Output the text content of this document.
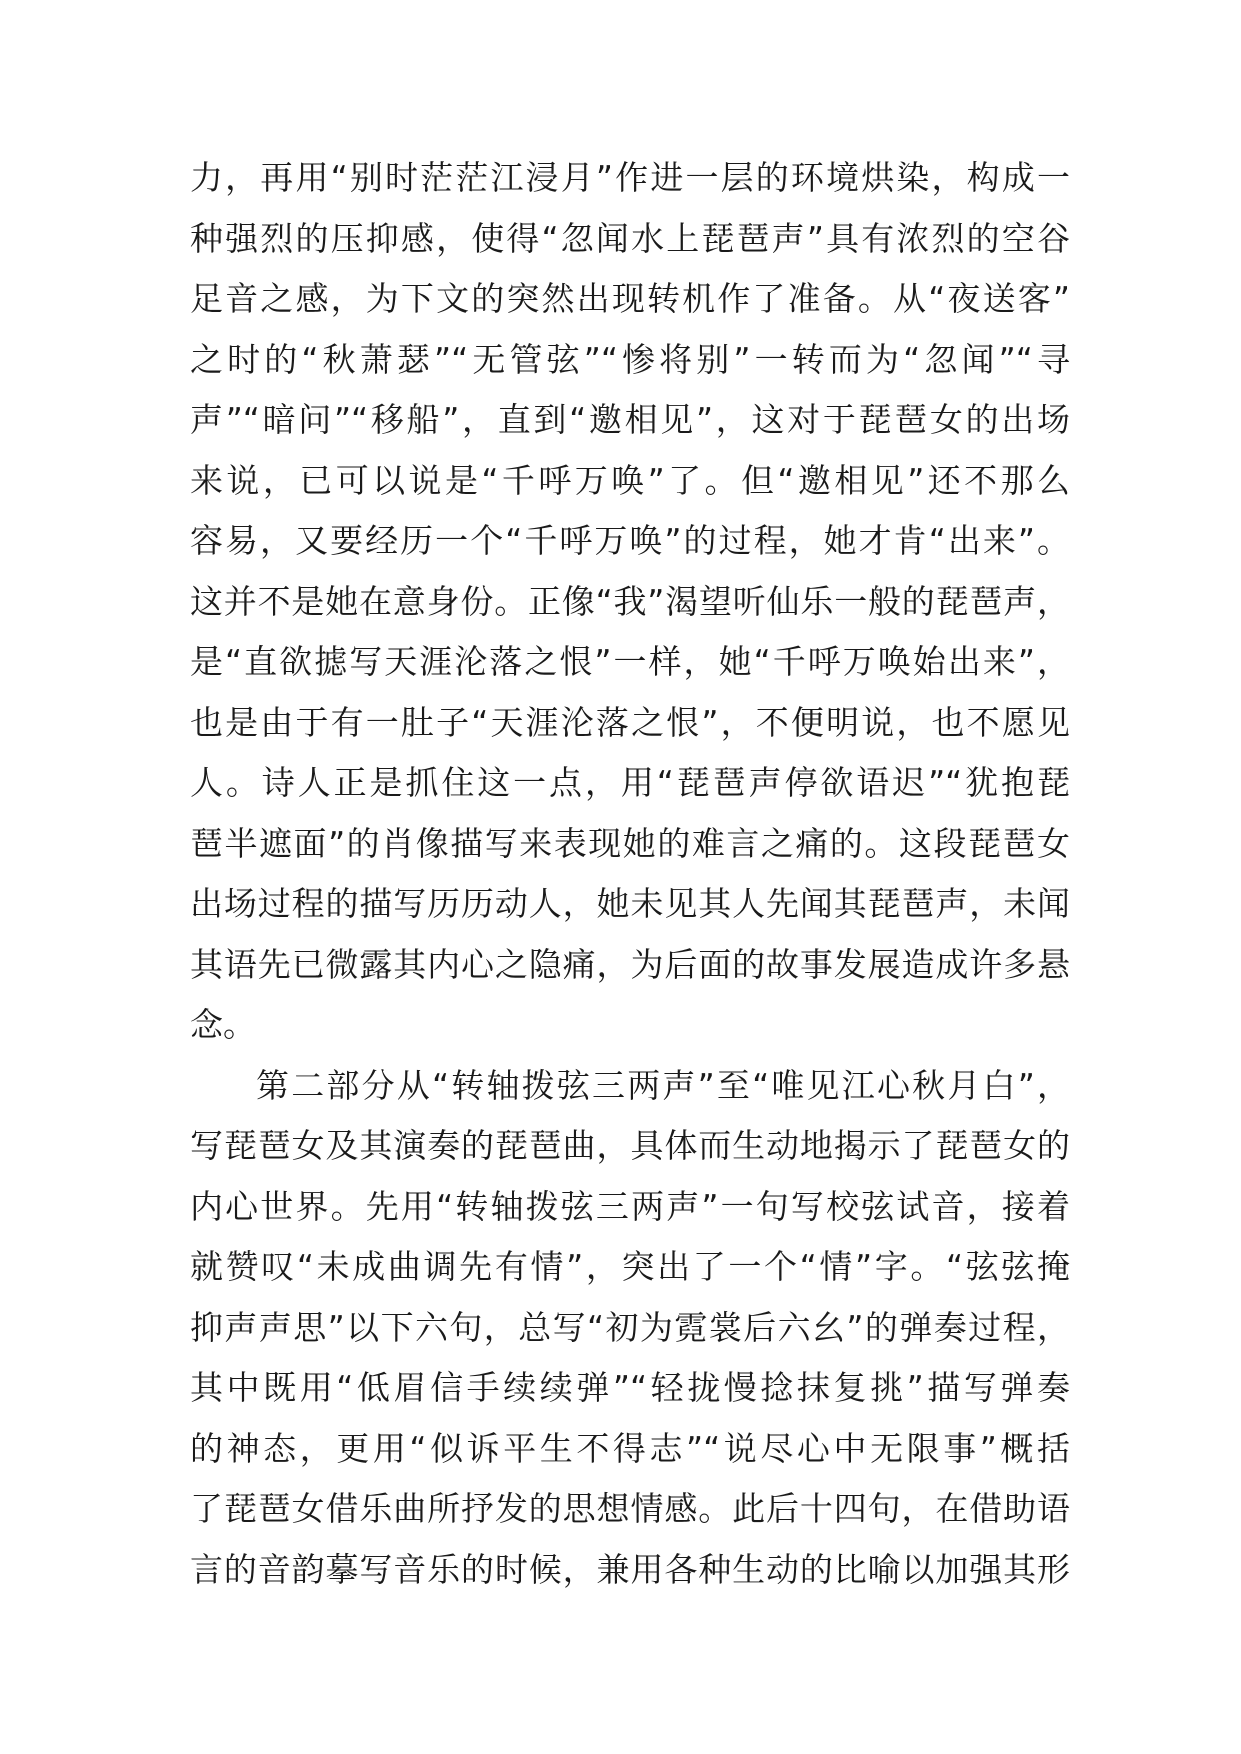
力，再用“别时茫茫江浸月”作进一层的环境烘染，构成一
种强烈的压抑感，使得“忽闻水上琵琶声”具有浓烈的空谷
足音之感，为下文的突然出现转机作了准备。从“夜送客”
之时的“秋萧瑟”“无管弦”“惨将别”一转而为“忽闻”“寻
声”“暗问”“移船”，直到“邀相见”，这对于琵琶女的出场
来说，已可以说是“千呼万唤”了。但“邀相见”还不那么
容易，又要经历一个“千呼万唤”的过程，她才肯“出来”。
这并不是她在意身份。正像“我”渴望听仙乐一般的琵琶声，
是“直欲摅写天涯沦落之恨”一样，她“千呼万唤始出来”，
也是由于有一肚子“天涯沦落之恨”，不便明说，也不愿见
人。诗人正是抓住这一点，用“琵琶声停欲语迟”“犹抱琵
琶半遮面”的肖像描写来表现她的难言之痛的。这段琵琶女
出场过程的描写历历动人，她未见其人先闻其琵琶声，未闻
其语先已微露其内心之隐痛，为后面的故事发展造成许多悬
念。
第二部分从“转轴拨弦三两声”至“唯见江心秋月白”，
写琵琶女及其演奏的琵琶曲，具体而生动地揭示了琵琶女的
内心世界。先用“转轴拨弦三两声”一句写校弦试音，接着
就赞叹“未成曲调先有情”，突出了一个“情”字。“弦弦掩
抑声声思”以下六句，总写“初为霓裳后六幺”的弹奏过程，
其中既用“低眉信手续续弹”“轻拢慢捻抹复挑”描写弹奏
的神态，更用“似诉平生不得志”“说尽心中无限事”概括
了琵琶女借乐曲所抒发的思想情感。此后十四句，在借助语
言的音韵摹写音乐的时候，兼用各种生动的比喻以加强其形
